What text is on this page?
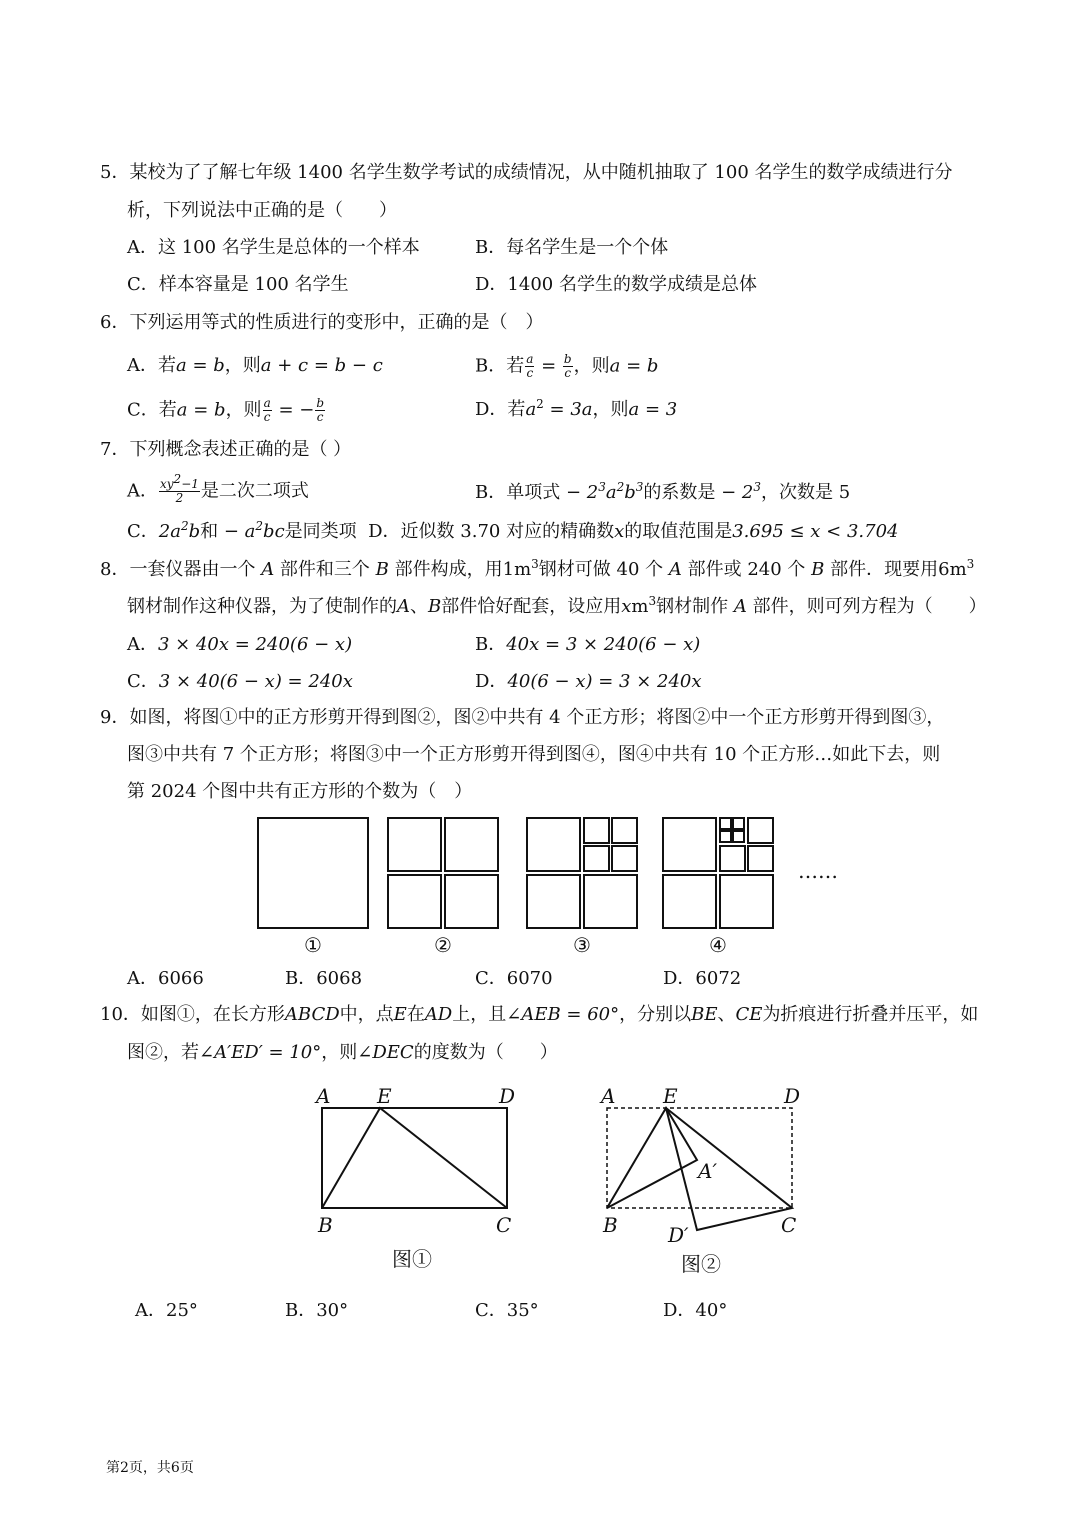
5．某校为了了解七年级 1400 名学生数学考试的成绩情况，从中随机抽取了 100 名学生的数学成绩进行分
析，下列说法中正确的是（　　）
A．这 100 名学生是总体的一个样本	B．每名学生是一个个体
C．样本容量是 100 名学生	D．1400 名学生的数学成绩是总体
6．下列运用等式的性质进行的变形中，正确的是（　）
A．若a = b，则a + c = b − c	B．若 $\frac{a}{c} = \frac{b}{c}$ ，则a = b
C．若a = b，则 $\frac{a}{c}$ = − $\frac{b}{c}$	D．若$a^2 = 3a$，则a = 3
7．下列概念表述正确的是（ ）
A． $\frac{xy^2-1}{2}$ 是二次二项式	B．单项式 − $2^3a^2b^3$的系数是 − $2^3$，次数是 5
C．$2a^2b$和 − $a^2bc$是同类项 D．近似数 3.70 对应的精确数x的取值范围是3.695 ≤ x < 3.704
8．一套仪器由一个 A 部件和三个 B 部件构成，用$1m^3$钢材可做 40 个 A 部件或 240 个 B 部件．现要用$6m^3$
钢材制作这种仪器，为了使制作的A、B部件恰好配套，设应用$xm^3$钢材制作 A 部件，则可列方程为（　　）
A．3 × 40x = 240(6 − x)	B．40x = 3 × 240(6 − x)
C．3 × 40(6 − x) = 240x	D．40(6 − x) = 3 × 240x
9．如图，将图①中的正方形剪开得到图②，图②中共有 4 个正方形；将图②中一个正方形剪开得到图③，
图③中共有 7 个正方形；将图③中一个正方形剪开得到图④，图④中共有 10 个正方形…如此下去，则
第 2024 个图中共有正方形的个数为（　）
①	②	③	④
……
A．6066	B．6068	C．6070	D．6072
10．如图①，在长方形ABCD中，点E在AD上，且∠AEB = 60°，分别以BE、CE为折痕进行折叠并压平，如
图②，若∠A′ED′ = 10°，则∠DEC的度数为（　　）
A E	D
B	C
图①
A E	D
A′
B	D′	C
图②
A．25°	B．30°	C．35°	D．40°
第2页，共6页
